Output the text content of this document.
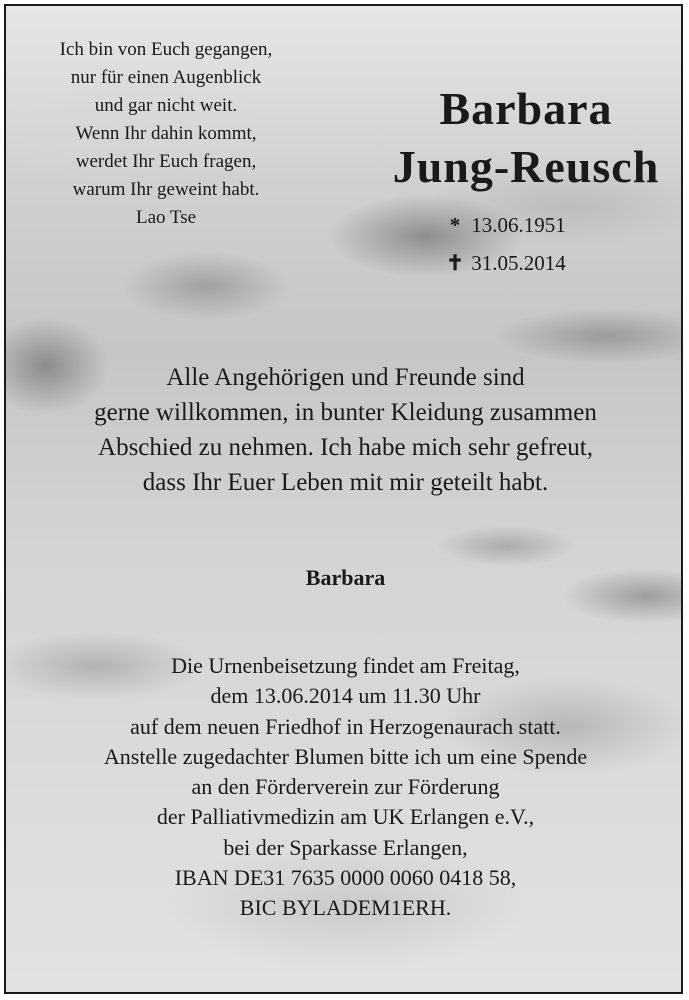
Ich bin von Euch gegangen,
nur für einen Augenblick
und gar nicht weit.
Wenn Ihr dahin kommt,
werdet Ihr Euch fragen,
warum Ihr geweint habt.
Lao Tse
Barbara
Jung-Reusch
* 13.06.1951
✝ 31.05.2014
Alle Angehörigen und Freunde sind
gerne willkommen, in bunter Kleidung zusammen
Abschied zu nehmen. Ich habe mich sehr gefreut,
dass Ihr Euer Leben mit mir geteilt habt.
Barbara
Die Urnenbeisetzung findet am Freitag,
dem 13.06.2014 um 11.30 Uhr
auf dem neuen Friedhof in Herzogenaurach statt.
Anstelle zugedachter Blumen bitte ich um eine Spende
an den Förderverein zur Förderung
der Palliativmedizin am UK Erlangen e.V.,
bei der Sparkasse Erlangen,
IBAN DE31 7635 0000 0060 0418 58,
BIC BYLADEM1ERH.
